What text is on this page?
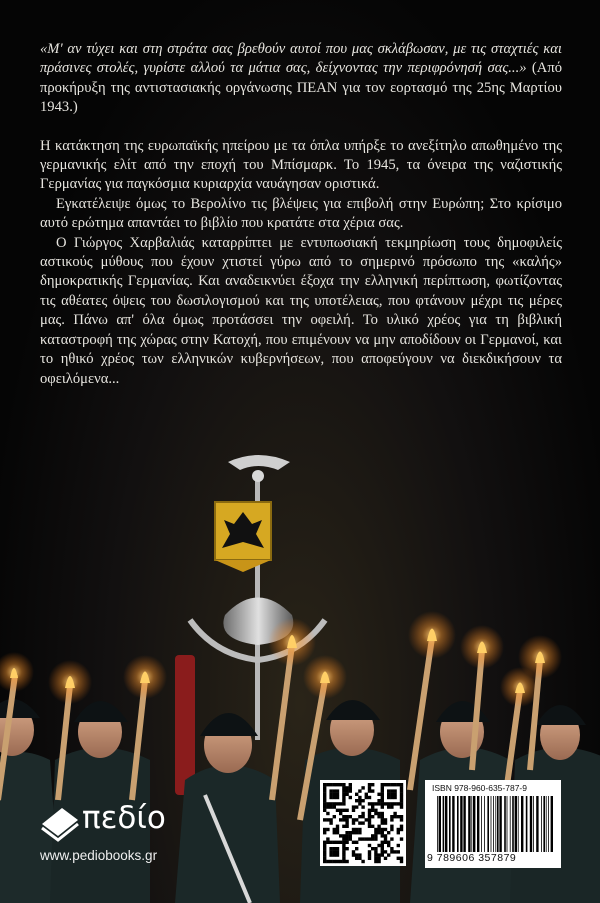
«Μ' αν τύχει και στη στράτα σας βρεθούν αυτοί που μας σκλάβωσαν, με τις σταχτιές και πράσινες στολές, γυρίστε αλλού τα μάτια σας, δείχνοντας την περιφρόνησή σας...» (Από προκήρυξη της αντιστασιακής οργάνωσης ΠΕΑΝ για τον εορτασμό της 25ης Μαρτίου 1943.)

Η κατάκτηση της ευρωπαϊκής ηπείρου με τα όπλα υπήρξε το ανεξίτηλο απωθημένο της γερμανικής ελίτ από την εποχή του Μπίσμαρκ. Το 1945, τα όνειρα της ναζιστικής Γερμανίας για παγκόσμια κυριαρχία ναυάγησαν οριστικά.

Εγκατέλειψε όμως το Βερολίνο τις βλέψεις για επιβολή στην Ευρώπη; Στο κρίσιμο αυτό ερώτημα απαντάει το βιβλίο που κρατάτε στα χέρια σας.

Ο Γιώργος Χαρβαλιάς καταρρίπτει με εντυπωσιακή τεκμηρίωση τους δημοφιλείς αστικούς μύθους που έχουν χτιστεί γύρω από το σημερινό πρόσωπο της «καλής» δημοκρατικής Γερμανίας. Και αναδεικνύει έξοχα την ελληνική περίπτωση, φωτίζοντας τις αθέατες όψεις του δωσιλογισμού και της υποτέλειας, που φτάνουν μέχρι τις μέρες μας. Πάνω απ' όλα όμως προτάσσει την οφειλή. Το υλικό χρέος για τη βιβλική καταστροφή της χώρας στην Κατοχή, που επιμένουν να μην αποδίδουν οι Γερμανοί, και το ηθικό χρέος των ελληνικών κυβερνήσεων, που αποφεύγουν να διεκδικήσουν τα οφειλόμενα...

πεδίο
www.pediobooks.gr
ISBN 978-960-635-787-9
9 789606 357879
